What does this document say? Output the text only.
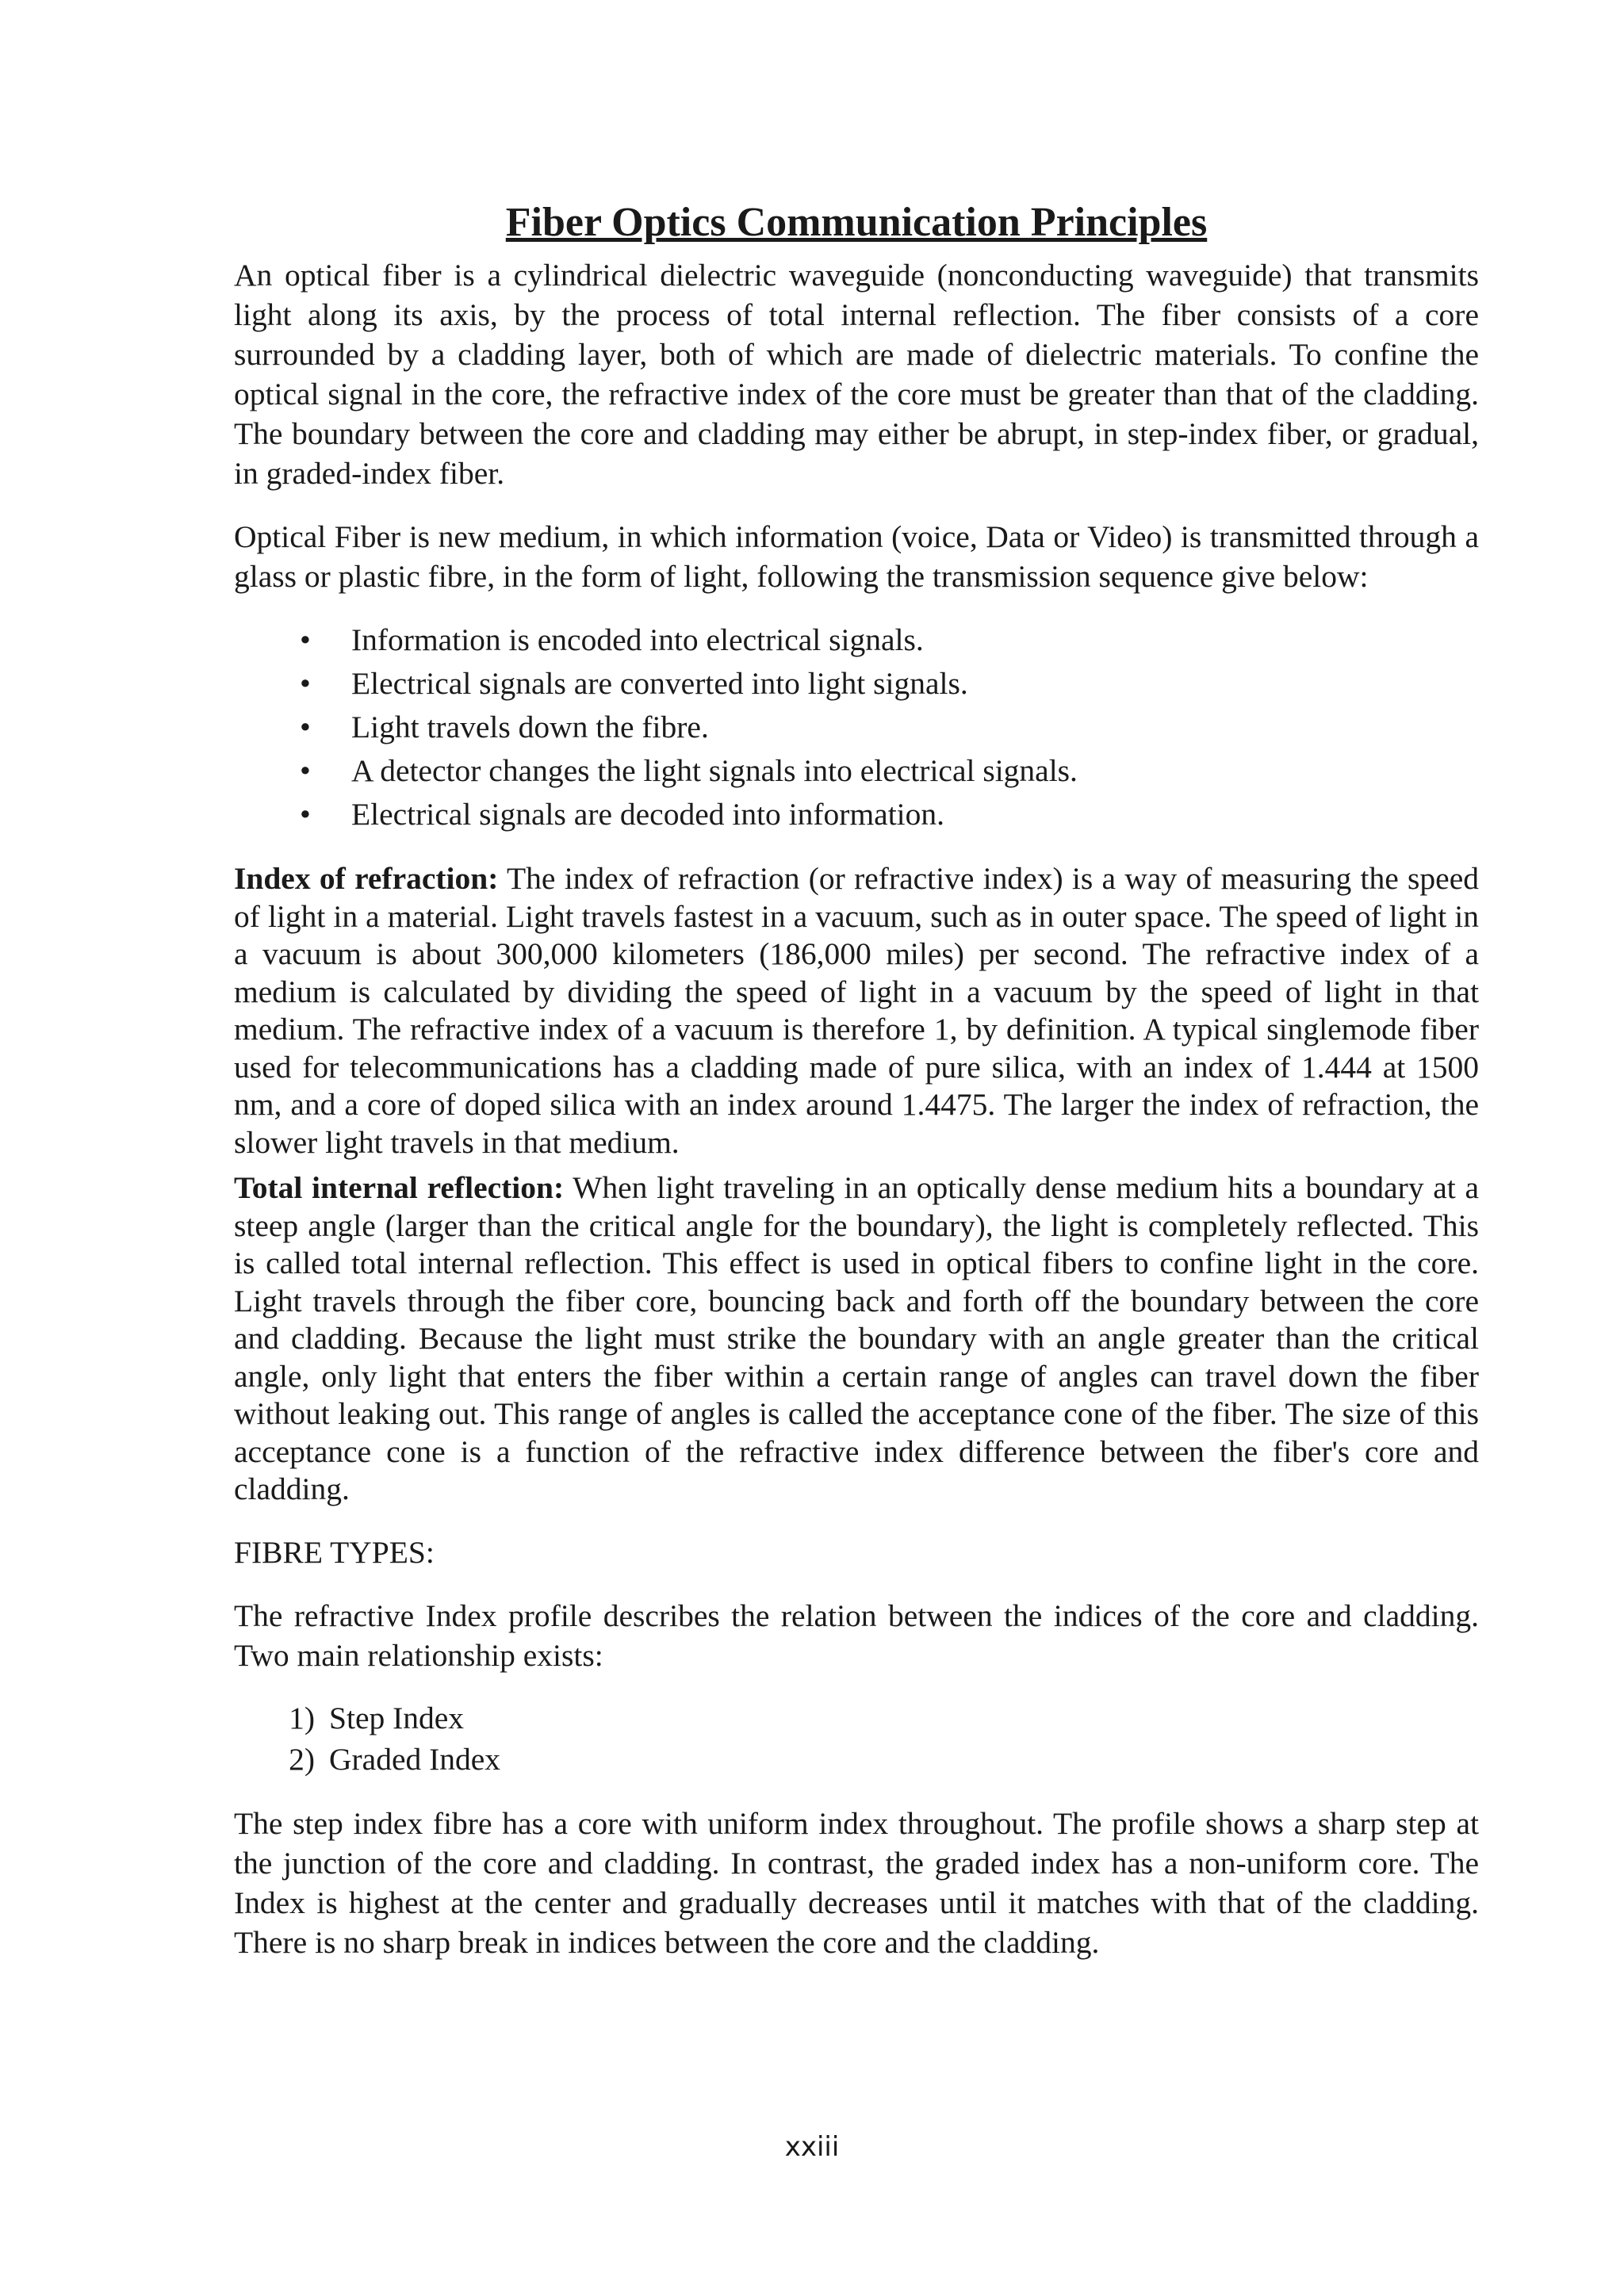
Fiber Optics Communication Principles

An optical fiber is a cylindrical dielectric waveguide (nonconducting waveguide) that transmits light along its axis, by the process of total internal reflection. The fiber consists of a core surrounded by a cladding layer, both of which are made of dielectric materials. To confine the optical signal in the core, the refractive index of the core must be greater than that of the cladding. The boundary between the core and cladding may either be abrupt, in step-index fiber, or gradual, in graded-index fiber.

Optical Fiber is new medium, in which information (voice, Data or Video) is transmitted through a glass or plastic fibre, in the form of light, following the transmission sequence give below:

• Information is encoded into electrical signals.
• Electrical signals are converted into light signals.
• Light travels down the fibre.
• A detector changes the light signals into electrical signals.
• Electrical signals are decoded into information.

Index of refraction: The index of refraction (or refractive index) is a way of measuring the speed of light in a material. Light travels fastest in a vacuum, such as in outer space. The speed of light in a vacuum is about 300,000 kilometers (186,000 miles) per second. The refractive index of a medium is calculated by dividing the speed of light in a vacuum by the speed of light in that medium. The refractive index of a vacuum is therefore 1, by definition. A typical singlemode fiber used for telecommunications has a cladding made of pure silica, with an index of 1.444 at 1500 nm, and a core of doped silica with an index around 1.4475. The larger the index of refraction, the slower light travels in that medium.

Total internal reflection: When light traveling in an optically dense medium hits a boundary at a steep angle (larger than the critical angle for the boundary), the light is completely reflected. This is called total internal reflection. This effect is used in optical fibers to confine light in the core. Light travels through the fiber core, bouncing back and forth off the boundary between the core and cladding. Because the light must strike the boundary with an angle greater than the critical angle, only light that enters the fiber within a certain range of angles can travel down the fiber without leaking out. This range of angles is called the acceptance cone of the fiber. The size of this acceptance cone is a function of the refractive index difference between the fiber's core and cladding.

FIBRE TYPES:

The refractive Index profile describes the relation between the indices of the core and cladding. Two main relationship exists:

1) Step Index
2) Graded Index

The step index fibre has a core with uniform index throughout. The profile shows a sharp step at the junction of the core and cladding. In contrast, the graded index has a non-uniform core. The Index is highest at the center and gradually decreases until it matches with that of the cladding. There is no sharp break in indices between the core and the cladding.

xxiii
